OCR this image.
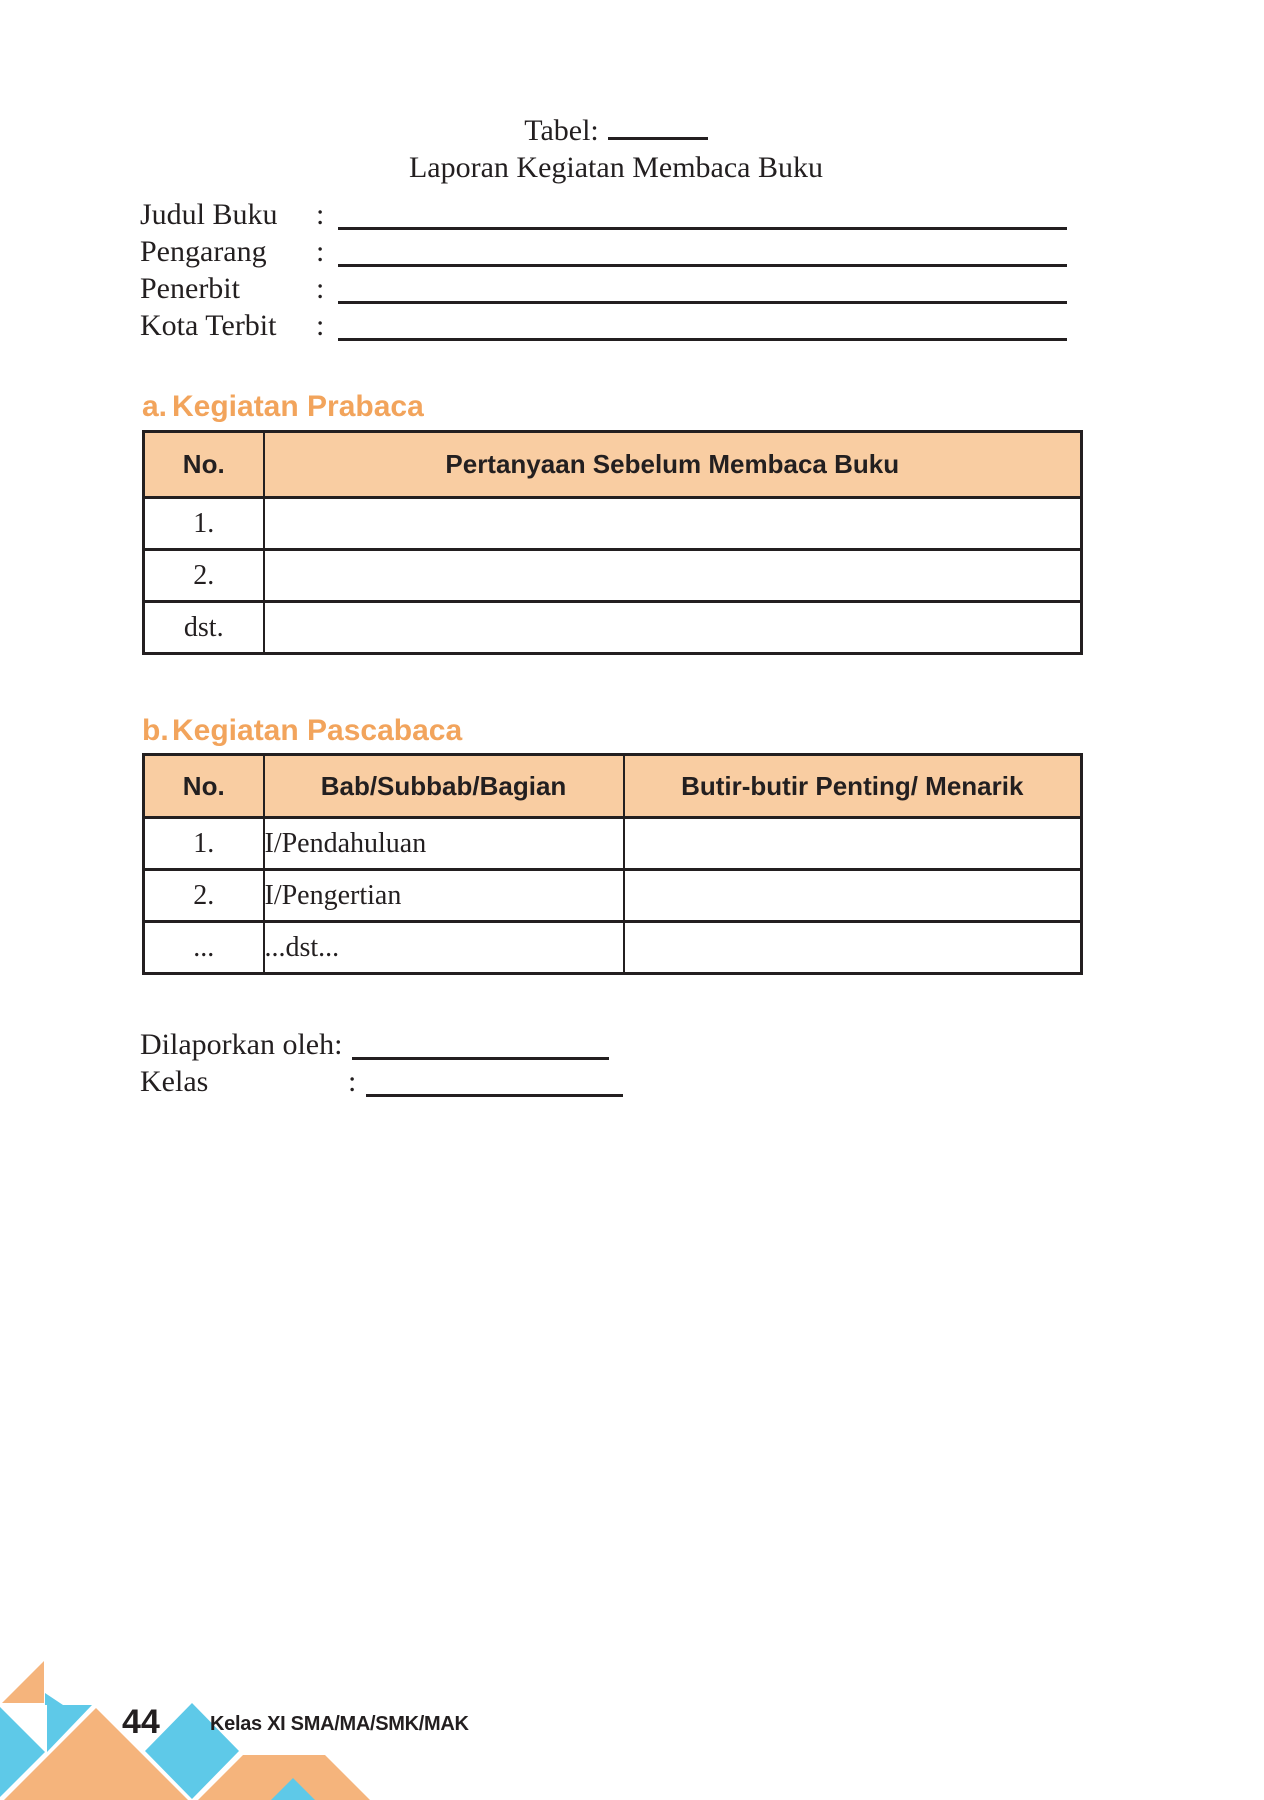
Tabel:
Laporan Kegiatan Membaca Buku
Judul Buku	:
Pengarang	:
Penerbit	:
Kota Terbit	:
a. Kegiatan Prabaca
No.	Pertanyaan Sebelum Membaca Buku
1.	
2.	
dst.	
b. Kegiatan Pascabaca
No.	Bab/Subbab/Bagian	Butir-butir Penting/ Menarik
1.	I/Pendahuluan	
2.	I/Pengertian	
...	...dst...	
Dilaporkan oleh:
Kelas	:
44	Kelas XI SMA/MA/SMK/MAK
